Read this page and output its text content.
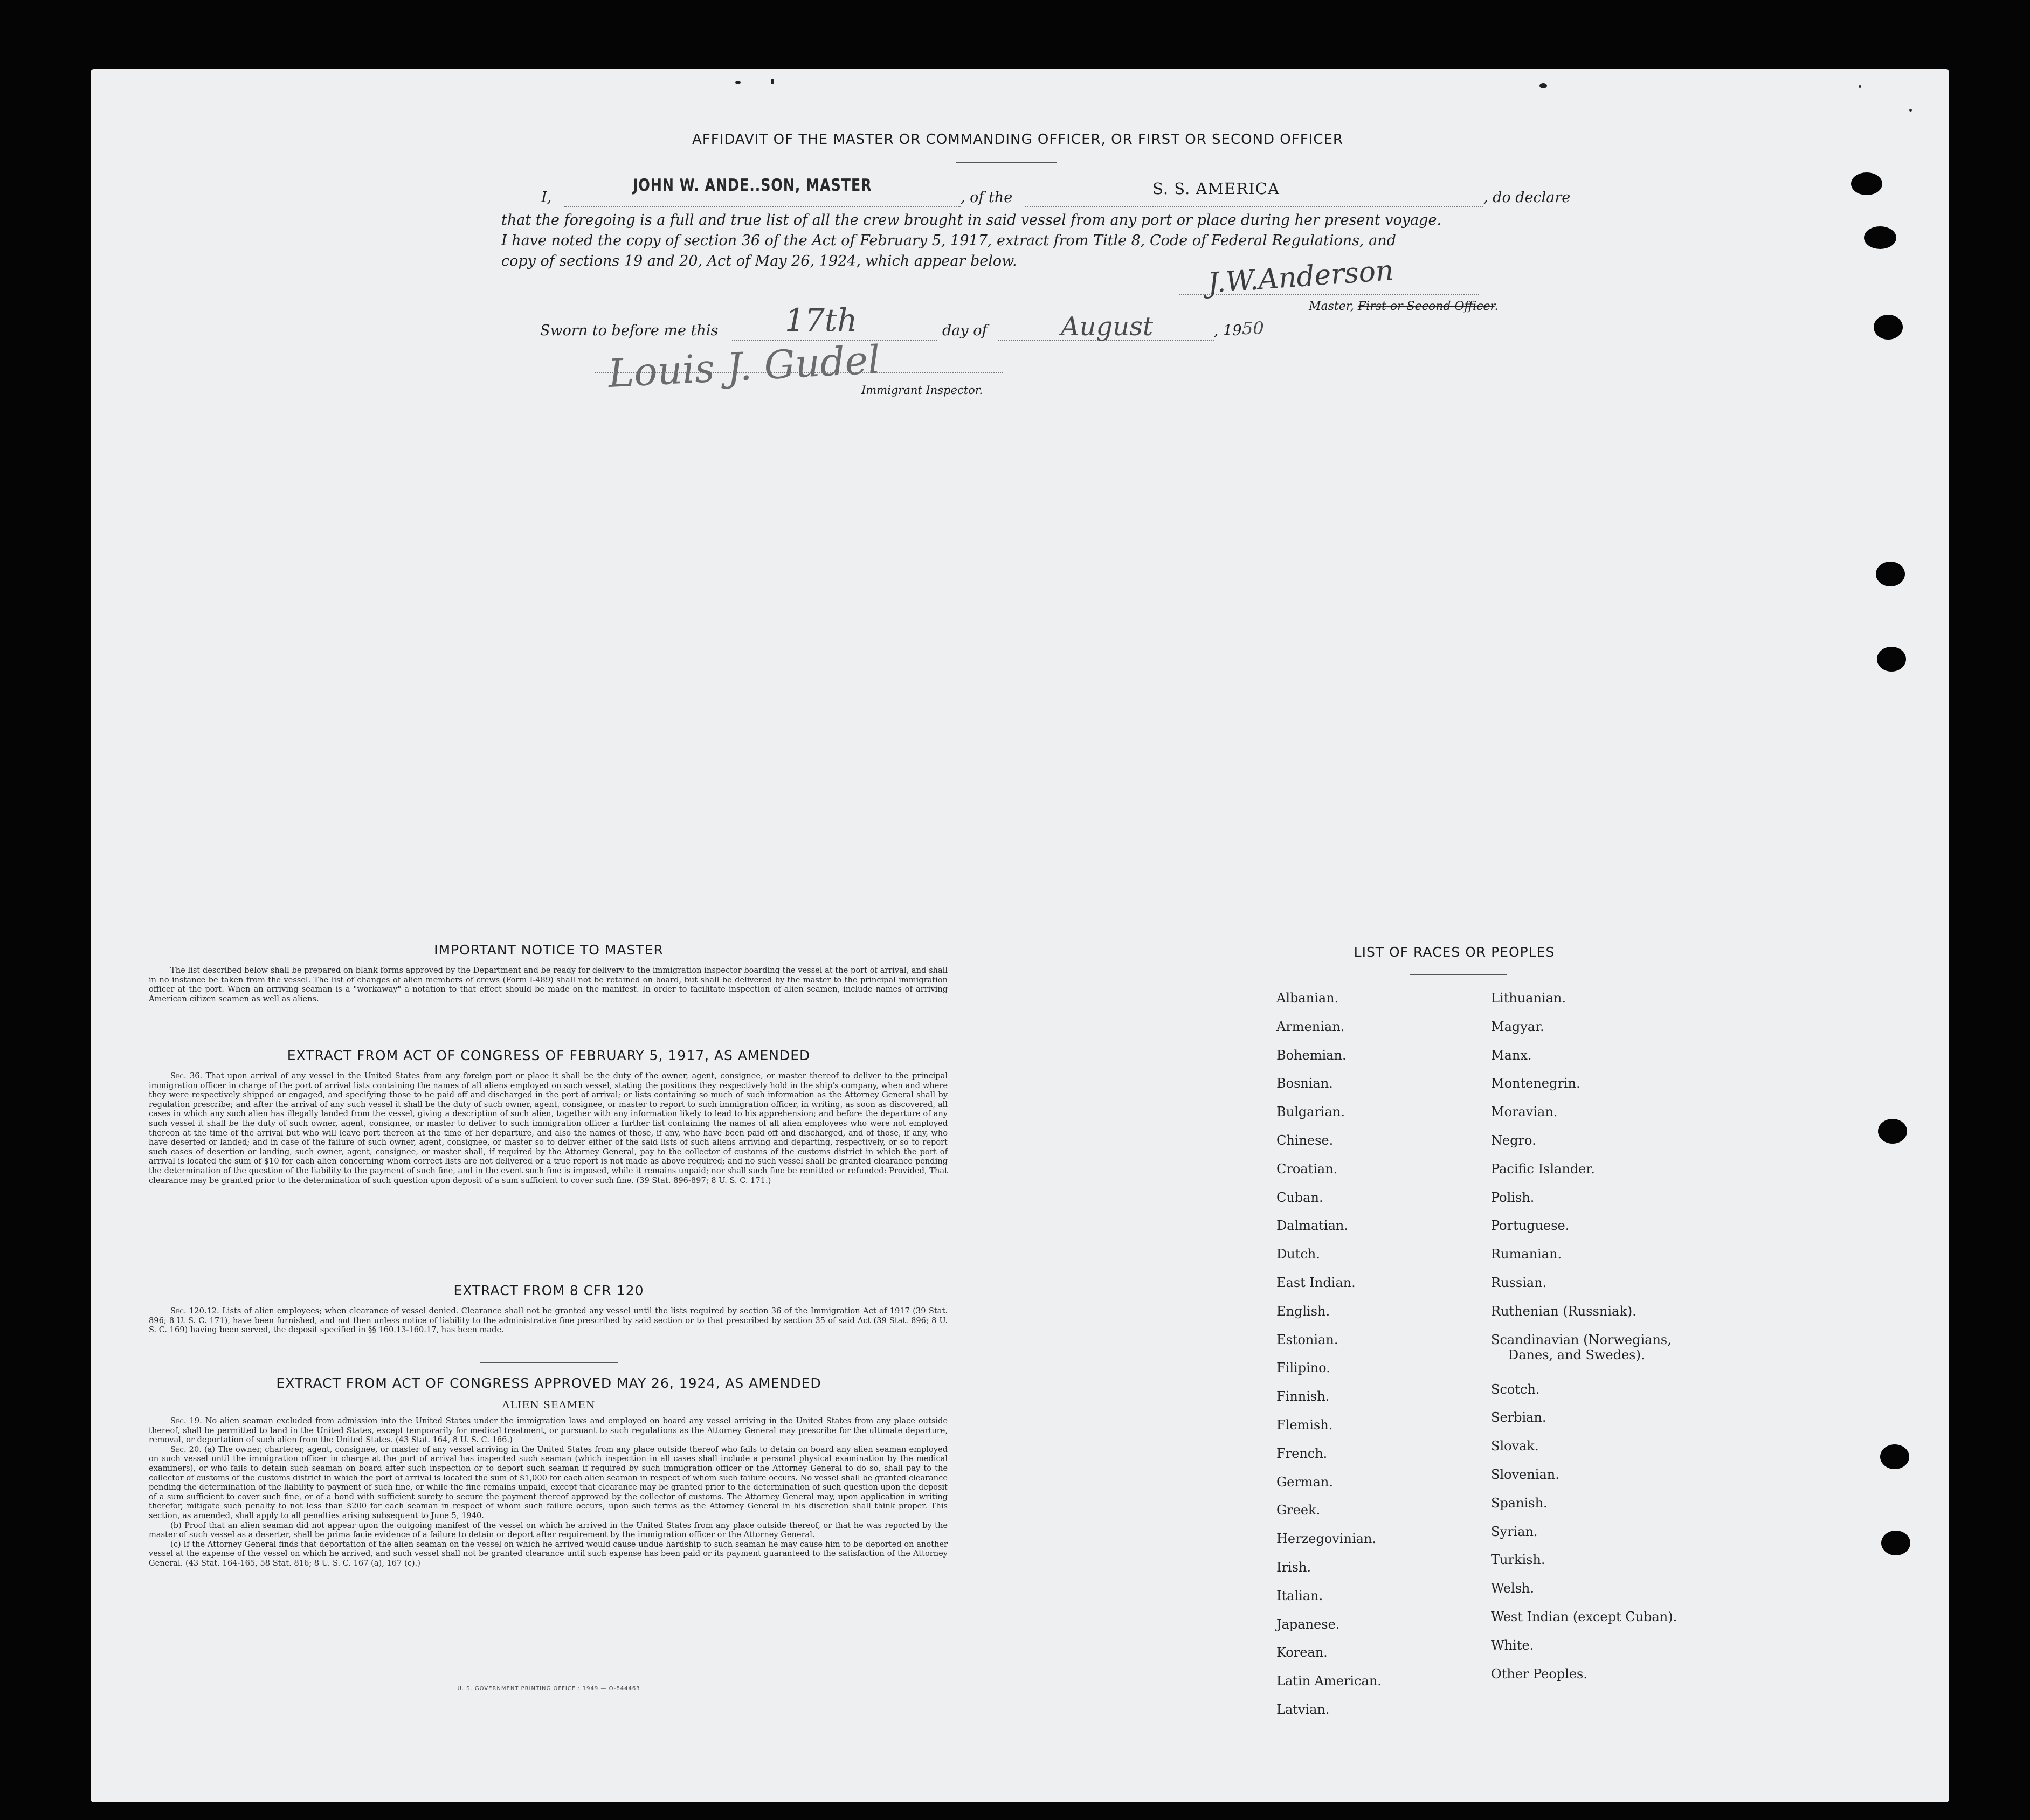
AFFIDAVIT OF THE MASTER OR COMMANDING OFFICER, OR FIRST OR SECOND OFFICER
I,
JOHN W. ANDE..SON, MASTER
, of the	S. S. AMERICA	, do declare
that the foregoing is a full and true list of all the crew brought in said vessel from any port or place during her present voyage.
I have noted the copy of section 36 of the Act of February 5, 1917, extract from Title 8, Code of Federal Regulations, and
copy of sections 19 and 20, Act of May 26, 1924, which appear below.	J.W.Anderson
Master, First or Second Officer.
Sworn to before me this 17th	day of	August	, 19 50
Louis J. Gudel
Immigrant Inspector.
IMPORTANT NOTICE TO MASTER
The list described below shall be prepared on blank forms approved by the Department and be ready for delivery to the immigration inspector boarding the vessel at the port of arrival, and shall in no instance be taken from the vessel. The list of changes of alien members of crews (Form I-489) shall not be retained on board, but shall be delivered by the master to the principal immigration officer at the port. When an arriving seaman is a "workaway" a notation to that effect should be made on the manifest. In order to facilitate inspection of alien seamen, include names of arriving American citizen seamen as well as aliens.
EXTRACT FROM ACT OF CONGRESS OF FEBRUARY 5, 1917, AS AMENDED
Sec. 36. That upon arrival of any vessel in the United States from any foreign port or place it shall be the duty of the owner, agent, consignee, or master thereof to deliver to the principal immigration officer in charge of the port of arrival lists containing the names of all aliens employed on such vessel, stating the positions they respectively hold in the ship's company, when and where they were respectively shipped or engaged, and specifying those to be paid off and discharged in the port of arrival; or lists containing so much of such information as the Attorney General shall by regulation prescribe; and after the arrival of any such vessel it shall be the duty of such owner, agent, consignee, or master to report to such immigration officer, in writing, as soon as discovered, all cases in which any such alien has illegally landed from the vessel, giving a description of such alien, together with any information likely to lead to his apprehension; and before the departure of any such vessel it shall be the duty of such owner, agent, consignee, or master to deliver to such immigration officer a further list containing the names of all alien employees who were not employed thereon at the time of the arrival but who will leave port thereon at the time of her departure, and also the names of those, if any, who have been paid off and discharged, and of those, if any, who have deserted or landed; and in case of the failure of such owner, agent, consignee, or master so to deliver either of the said lists of such aliens arriving and departing, respectively, or so to report such cases of desertion or landing, such owner, agent, consignee, or master shall, if required by the Attorney General, pay to the collector of customs of the customs district in which the port of arrival is located the sum of $10 for each alien concerning whom correct lists are not delivered or a true report is not made as above required; and no such vessel shall be granted clearance pending the determination of the question of the liability to the payment of such fine, and in the event such fine is imposed, while it remains unpaid; nor shall such fine be remitted or refunded: Provided, That clearance may be granted prior to the determination of such question upon deposit of a sum sufficient to cover such fine. (39 Stat. 896-897; 8 U. S. C. 171.)
EXTRACT FROM 8 CFR 120
Sec. 120.12. Lists of alien employees; when clearance of vessel denied. Clearance shall not be granted any vessel until the lists required by section 36 of the Immigration Act of 1917 (39 Stat. 896; 8 U. S. C. 171), have been furnished, and not then unless notice of liability to the administrative fine prescribed by said section or to that prescribed by section 35 of said Act (39 Stat. 896; 8 U. S. C. 169) having been served, the deposit specified in §§ 160.13-160.17, has been made.
EXTRACT FROM ACT OF CONGRESS APPROVED MAY 26, 1924, AS AMENDED
ALIEN SEAMEN
Sec. 19. No alien seaman excluded from admission into the United States under the immigration laws and employed on board any vessel arriving in the United States from any place outside thereof, shall be permitted to land in the United States, except temporarily for medical treatment, or pursuant to such regulations as the Attorney General may prescribe for the ultimate departure, removal, or deportation of such alien from the United States. (43 Stat. 164, 8 U. S. C. 166.)
Sec. 20. (a) The owner, charterer, agent, consignee, or master of any vessel arriving in the United States from any place outside thereof who fails to detain on board any alien seaman employed on such vessel until the immigration officer in charge at the port of arrival has inspected such seaman (which inspection in all cases shall include a personal physical examination by the medical examiners), or who fails to detain such seaman on board after such inspection or to deport such seaman if required by such immigration officer or the Attorney General to do so, shall pay to the collector of customs of the customs district in which the port of arrival is located the sum of $1,000 for each alien seaman in respect of whom such failure occurs. No vessel shall be granted clearance pending the determination of the liability to payment of such fine, or while the fine remains unpaid, except that clearance may be granted prior to the determination of such question upon the deposit of a sum sufficient to cover such fine, or of a bond with sufficient surety to secure the payment thereof approved by the collector of customs. The Attorney General may, upon application in writing therefor, mitigate such penalty to not less than $200 for each seaman in respect of whom such failure occurs, upon such terms as the Attorney General in his discretion shall think proper. This section, as amended, shall apply to all penalties arising subsequent to June 5, 1940.
(b) Proof that an alien seaman did not appear upon the outgoing manifest of the vessel on which he arrived in the United States from any place outside thereof, or that he was reported by the master of such vessel as a deserter, shall be prima facie evidence of a failure to detain or deport after requirement by the immigration officer or the Attorney General.
(c) If the Attorney General finds that deportation of the alien seaman on the vessel on which he arrived would cause undue hardship to such seaman he may cause him to be deported on another vessel at the expense of the vessel on which he arrived, and such vessel shall not be granted clearance until such expense has been paid or its payment guaranteed to the satisfaction of the Attorney General. (43 Stat. 164-165, 58 Stat. 816; 8 U. S. C. 167 (a), 167 (c).)
U. S. GOVERNMENT PRINTING OFFICE : 1949 — O-844463
LIST OF RACES OR PEOPLES
Albanian.
Armenian.
Bohemian.
Bosnian.
Bulgarian.
Chinese.
Croatian.
Cuban.
Dalmatian.
Dutch.
East Indian.
English.
Estonian.
Filipino.
Finnish.
Flemish.
French.
German.
Greek.
Herzegovinian.
Irish.
Italian.
Japanese.
Korean.
Latin American.
Latvian.
Lithuanian.
Magyar.
Manx.
Montenegrin.
Moravian.
Negro.
Pacific Islander.
Polish.
Portuguese.
Rumanian.
Russian.
Ruthenian (Russniak).
Scandinavian (Norwegians,
Danes, and Swedes).
Scotch.
Serbian.
Slovak.
Slovenian.
Spanish.
Syrian.
Turkish.
Welsh.
West Indian (except Cuban).
White.
Other Peoples.
